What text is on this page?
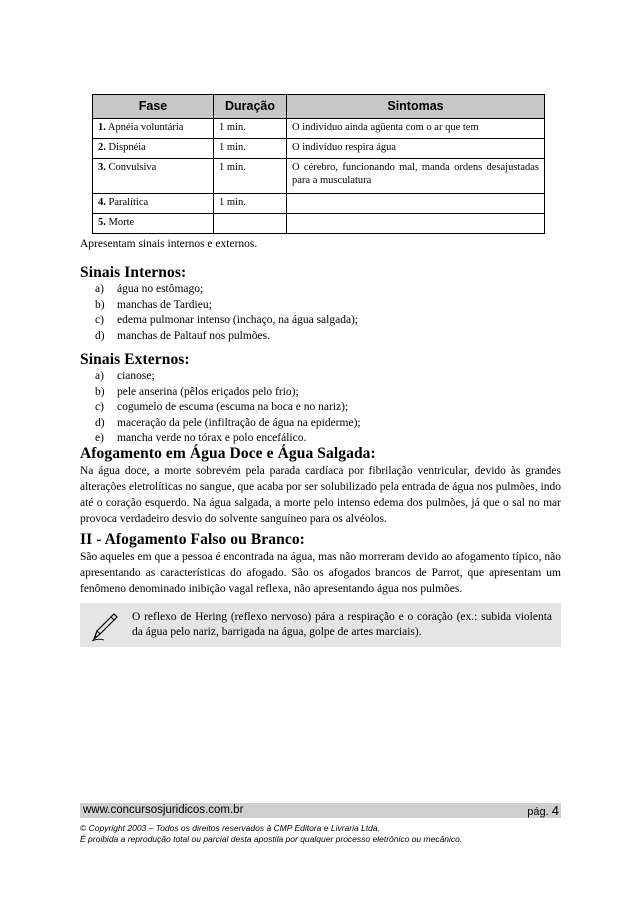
Fase	Duração	Sintomas
1. Apnéia voluntária	1 min.	O indivíduo ainda agüenta com o ar que tem
2. Dispnéia	1 min.	O indivíduo respira água
3. Convulsiva	1 min.	O cérebro, funcionando mal, manda ordens desajustadas para a musculatura
4. Paralítica	1 min.	
5. Morte		
Apresentam sinais internos e externos.
Sinais Internos:
a)	água no estômago;
b)	manchas de Tardieu;
c)	edema pulmonar intenso (inchaço, na água salgada);
d)	manchas de Paltauf nos pulmões.
Sinais Externos:
a)	cianose;
b)	pele anserina (pêlos eriçados pelo frio);
c)	cogumelo de escuma (escuma na boca e no nariz);
d)	maceração da pele (infiltração de água na epiderme);
e)	mancha verde no tórax e polo encefálico.
Afogamento em Água Doce e Água Salgada:
Na água doce, a morte sobrevém pela parada cardíaca por fibrilação ventricular, devido às grandes alterações eletrolíticas no sangue, que acaba por ser solubilizado pela entrada de água nos pulmões, indo até o coração esquerdo. Na água salgada, a morte pelo intenso edema dos pulmões, já que o sal no mar provoca verdadeiro desvio do solvente sanguíneo para os alvéolos.
II - Afogamento Falso ou Branco:
São aqueles em que a pessoa é encontrada na água, mas não morreram devido ao afogamento típico, não apresentando as características do afogado. São os afogados brancos de Parrot, que apresentam um fenômeno denominado inibição vagal reflexa, não apresentando água nos pulmões.
O reflexo de Hering (reflexo nervoso) pára a respiração e o coração (ex.: subida violenta da água pelo nariz, barrigada na água, golpe de artes marciais).
www.concursosjuridicos.com.br	pág. 4
© Copyright 2003 – Todos os direitos reservados à CMP Editora e Livraria Ltda.
É proibida a reprodução total ou parcial desta apostila por qualquer processo eletrônico ou mecânico.
